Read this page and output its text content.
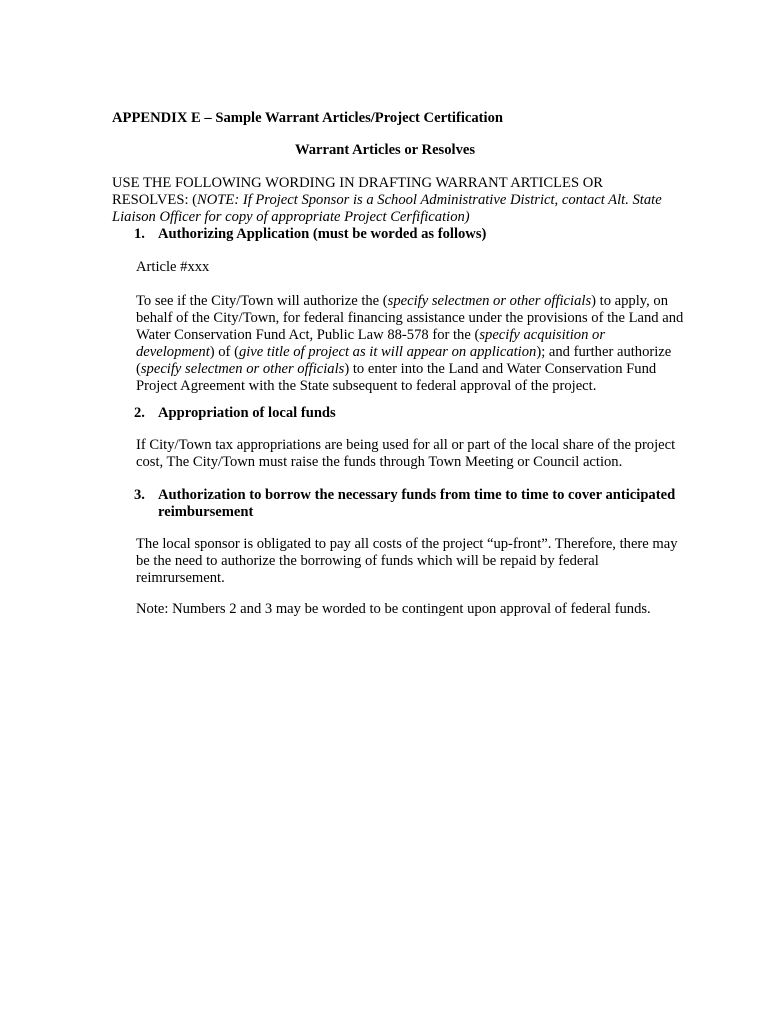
APPENDIX E – Sample Warrant Articles/Project Certification
Warrant Articles or Resolves
USE THE FOLLOWING WORDING IN DRAFTING WARRANT ARTICLES OR
RESOLVES: (NOTE: If Project Sponsor is a School Administrative District, contact Alt. State
Liaison Officer for copy of appropriate Project Cerfification)
1. Authorizing Application (must be worded as follows)
Article #xxx
To see if the City/Town will authorize the (specify selectmen or other officials) to apply, on
behalf of the City/Town, for federal financing assistance under the provisions of the Land and
Water Conservation Fund Act, Public Law 88-578 for the (specify acquisition or
development) of (give title of project as it will appear on application); and further authorize
(specify selectmen or other officials) to enter into the Land and Water Conservation Fund
Project Agreement with the State subsequent to federal approval of the project.
2. Appropriation of local funds
If City/Town tax appropriations are being used for all or part of the local share of the project
cost, The City/Town must raise the funds through Town Meeting or Council action.
3. Authorization to borrow the necessary funds from time to time to cover anticipated
reimbursement
The local sponsor is obligated to pay all costs of the project “up-front”. Therefore, there may
be the need to authorize the borrowing of funds which will be repaid by federal
reimrursement.
Note: Numbers 2 and 3 may be worded to be contingent upon approval of federal funds.
